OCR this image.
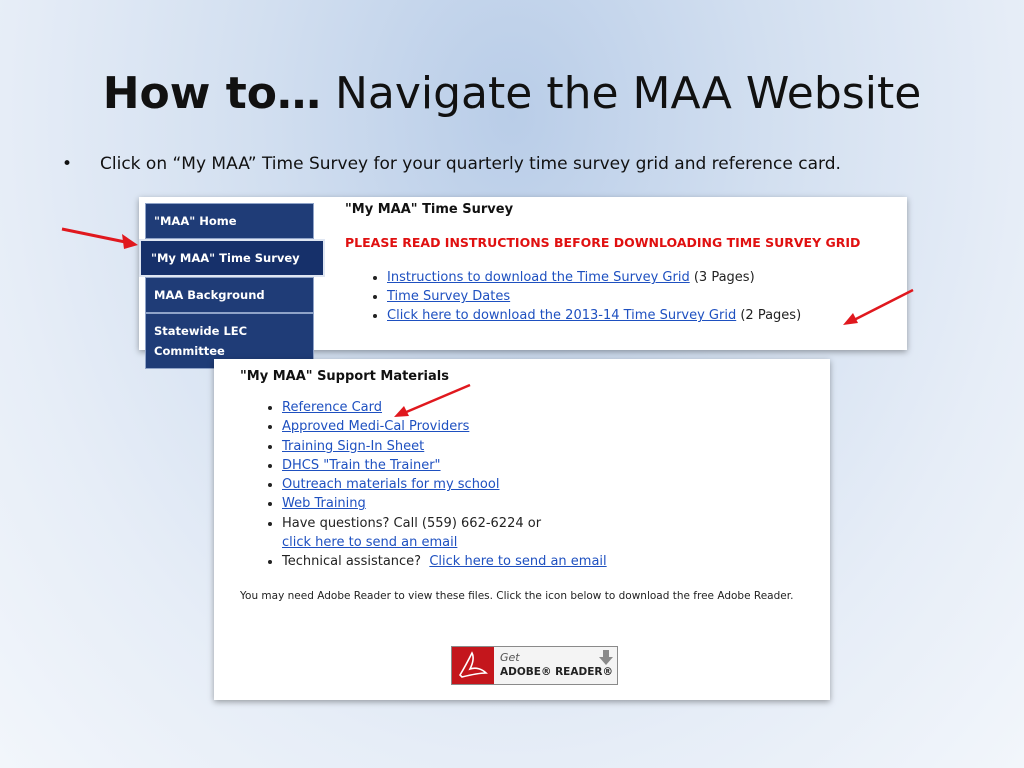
How to… Navigate the MAA Website
• Click on “My MAA” Time Survey for your quarterly time survey grid and reference card.
"MAA" Home
"My MAA" Time Survey
MAA Background
Statewide LEC
Committee
"My MAA" Time Survey
PLEASE READ INSTRUCTIONS BEFORE DOWNLOADING TIME SURVEY GRID
• Instructions to download the Time Survey Grid (3 Pages)
• Time Survey Dates
• Click here to download the 2013-14 Time Survey Grid (2 Pages)
"My MAA" Support Materials
• Reference Card
• Approved Medi-Cal Providers
• Training Sign-In Sheet
• DHCS "Train the Trainer"
• Outreach materials for my school
• Web Training
• Have questions? Call (559) 662-6224 or
click here to send an email
• Technical assistance?  Click here to send an email
You may need Adobe Reader to view these files. Click the icon below to download the free Adobe Reader.
Get
ADOBE® READER®
